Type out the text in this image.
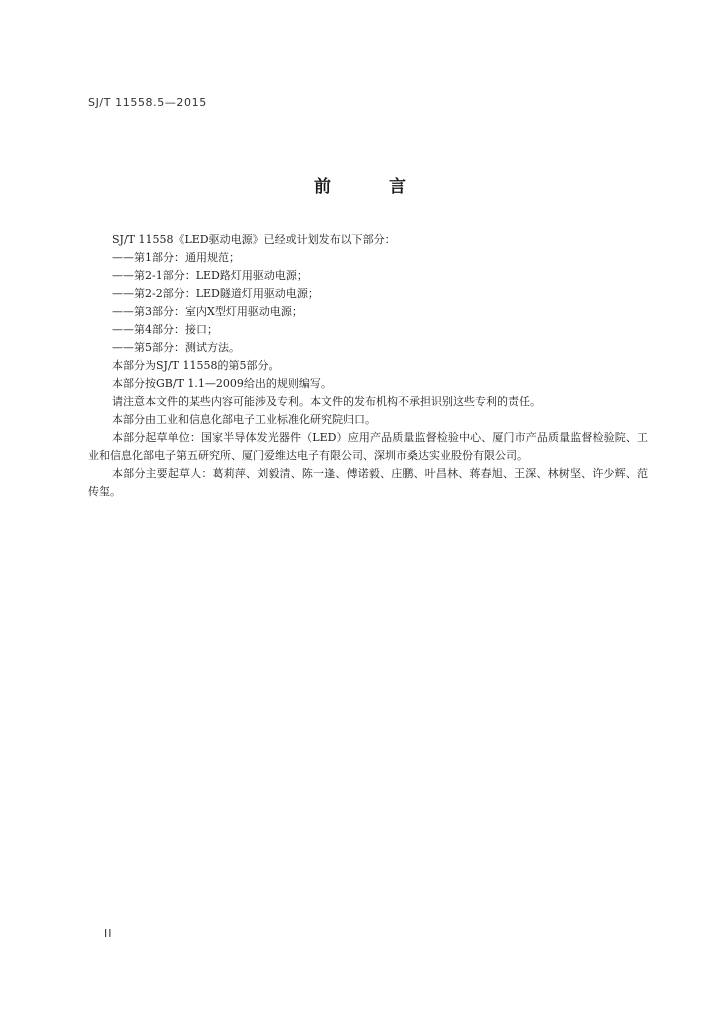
SJ/T 11558.5—2015
前 言

SJ/T 11558《LED驱动电源》已经或计划发布以下部分：

——第1部分：通用规范；

——第2-1部分：LED路灯用驱动电源；

——第2-2部分：LED隧道灯用驱动电源；

——第3部分：室内X型灯用驱动电源；

——第4部分：接口；

——第5部分：测试方法。

本部分为SJ/T 11558的第5部分。

本部分按GB/T 1.1—2009给出的规则编写。

请注意本文件的某些内容可能涉及专利。本文件的发布机构不承担识别这些专利的责任。

本部分由工业和信息化部电子工业标准化研究院归口。

本部分起草单位：国家半导体发光器件（LED）应用产品质量监督检验中心、厦门市产品质量监督检验院、工业和信息化部电子第五研究所、厦门爱维达电子有限公司、深圳市桑达实业股份有限公司。

本部分主要起草人：葛莉萍、刘毅清、陈一逢、傅诺毅、庄鹏、叶昌林、蒋春旭、王深、林树坚、许少辉、范传玺。

II
